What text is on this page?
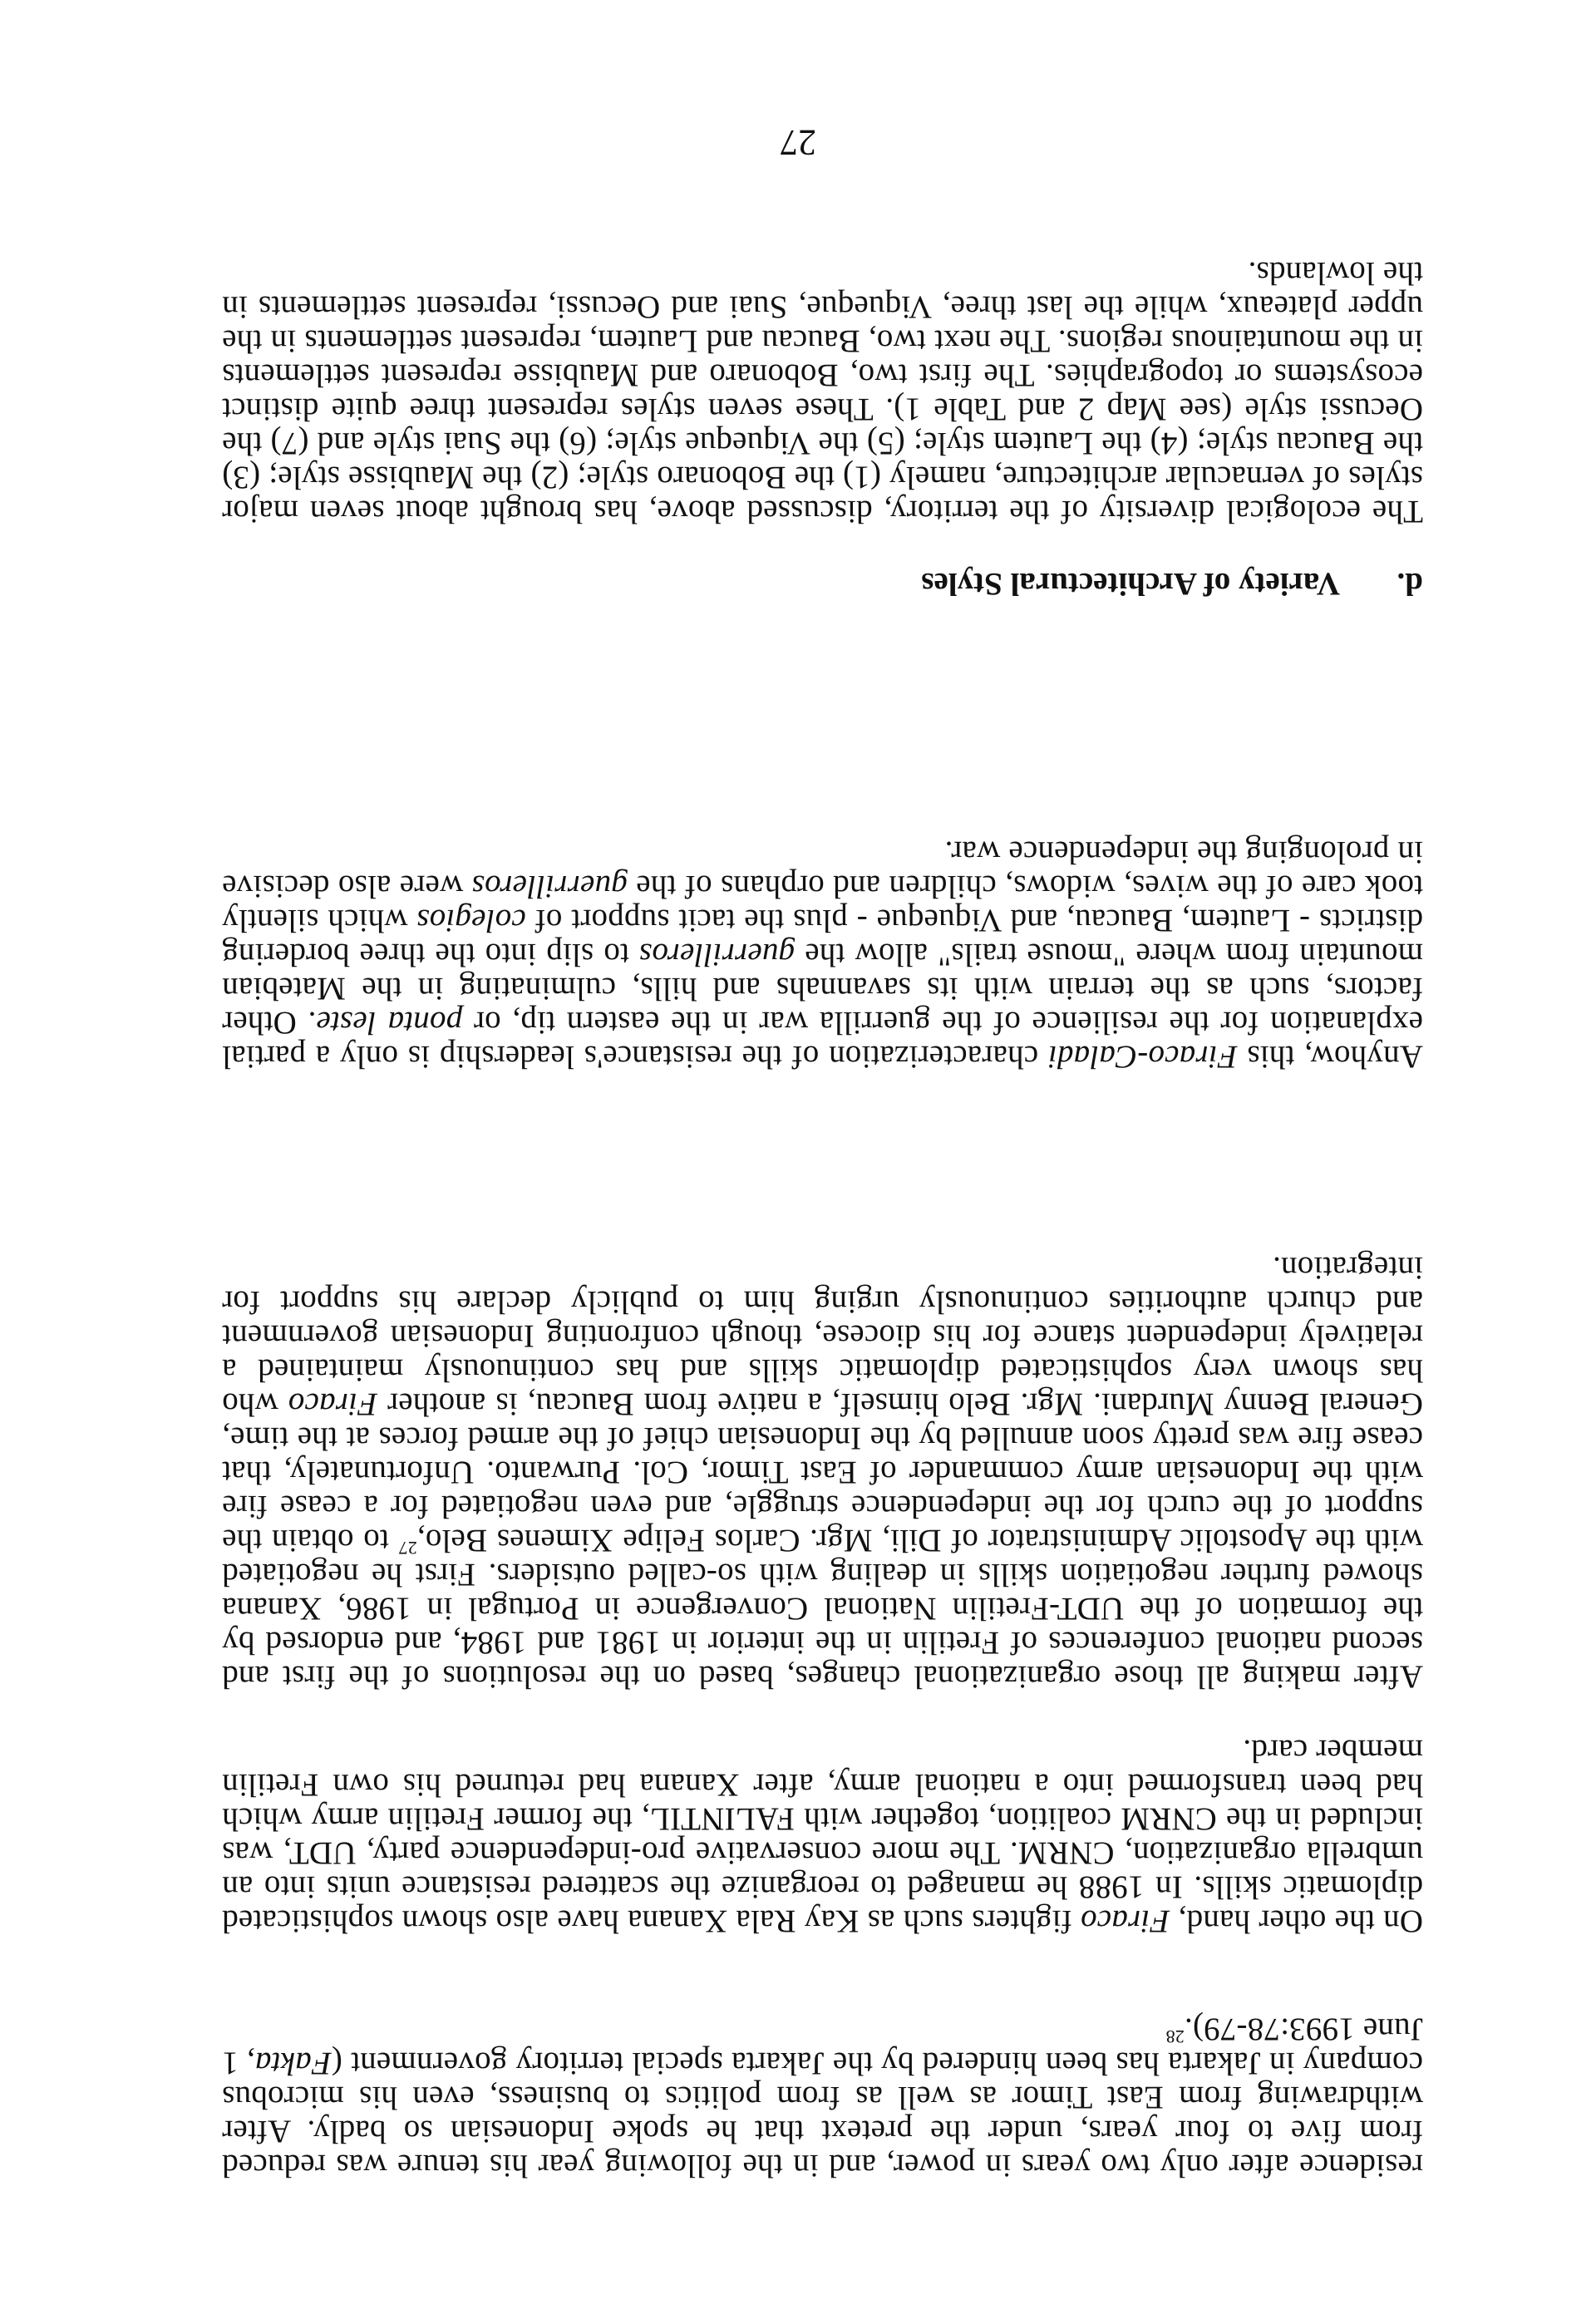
residence after only two years in power, and in the following year his tenure was reduced from five to four years, under the pretext that he spoke Indonesian so badly. After withdrawing from East Timor as well as from politics to business, even his microbus company in Jakarta has been hindered by the Jakarta special territory government (Fakta, 1 June 1993:78-79).$^{28}$

On the other hand, Firaco fighters such as Kay Rala Xanana have also shown sophisticated diplomatic skills. In 1988 he managed to reorganize the scattered resistance units into an umbrella organization, CNRM. The more conservative pro-independence party, UDT, was included in the CNRM coalition, together with FALINTIL, the former Fretilin army which had been transformed into a national army, after Xanana had returned his own Fretilin member card.

After making all those organizational changes, based on the resolutions of the first and second national conferences of Fretilin in the interior in 1981 and 1984, and endorsed by the formation of the UDT-Fretilin National Convergence in Portugal in 1986, Xanana showed further negotiation skills in dealing with so-called outsiders. First he negotiated with the Apostolic Administrator of Dili, Mgr. Carlos Felipe Ximenes Belo,$^{27}$ to obtain the support of the curch for the independence struggle, and even negotiated for a cease fire with the Indonesian army commander of East Timor, Col. Purwanto. Unfortunately, that cease fire was pretty soon annulled by the Indonesian chief of the armed forces at the time, General Benny Murdani. Mgr. Belo himself, a native from Baucau, is another Firaco who has shown very sophisticated diplomatic skills and has continuously maintained a relatively independent stance for his diocese, though confronting Indonesian government and church authorities continuously urging him to publicly declare his support for integration.

Anyhow, this Firaco-Caladi characterization of the resistance's leadership is only a partial explanation for the resilience of the guerrilla war in the eastern tip, or ponta leste. Other factors, such as the terrain with its savannahs and hills, culminating in the Matebian mountain from where "mouse trails" allow the guerrilleros to slip into the three bordering districts - Lautem, Baucau, and Viqueque - plus the tacit support of colegios which silently took care of the wives, widows, children and orphans of the guerrilleros were also decisive in prolonging the independence war.

d.Variety of Architectural Styles

The ecological diversity of the territory, discussed above, has brought about seven major styles of vernacular architecture, namely (1) the Bobonaro style; (2) the Maubisse style; (3) the Baucau style; (4) the Lautem style; (5) the Viqueque style; (6) the Suai style and (7) the Oecussi style (see Map 2 and Table 1). These seven styles represent three quite distinct ecosystems or topographies. The first two, Bobonaro and Maubisse represent settlements in the mountainous regions. The next two, Baucau and Lautem, represent settlements in the upper plateaux, while the last three, Viqueque, Suai and Oecussi, represent settlements in the lowlands.

27
